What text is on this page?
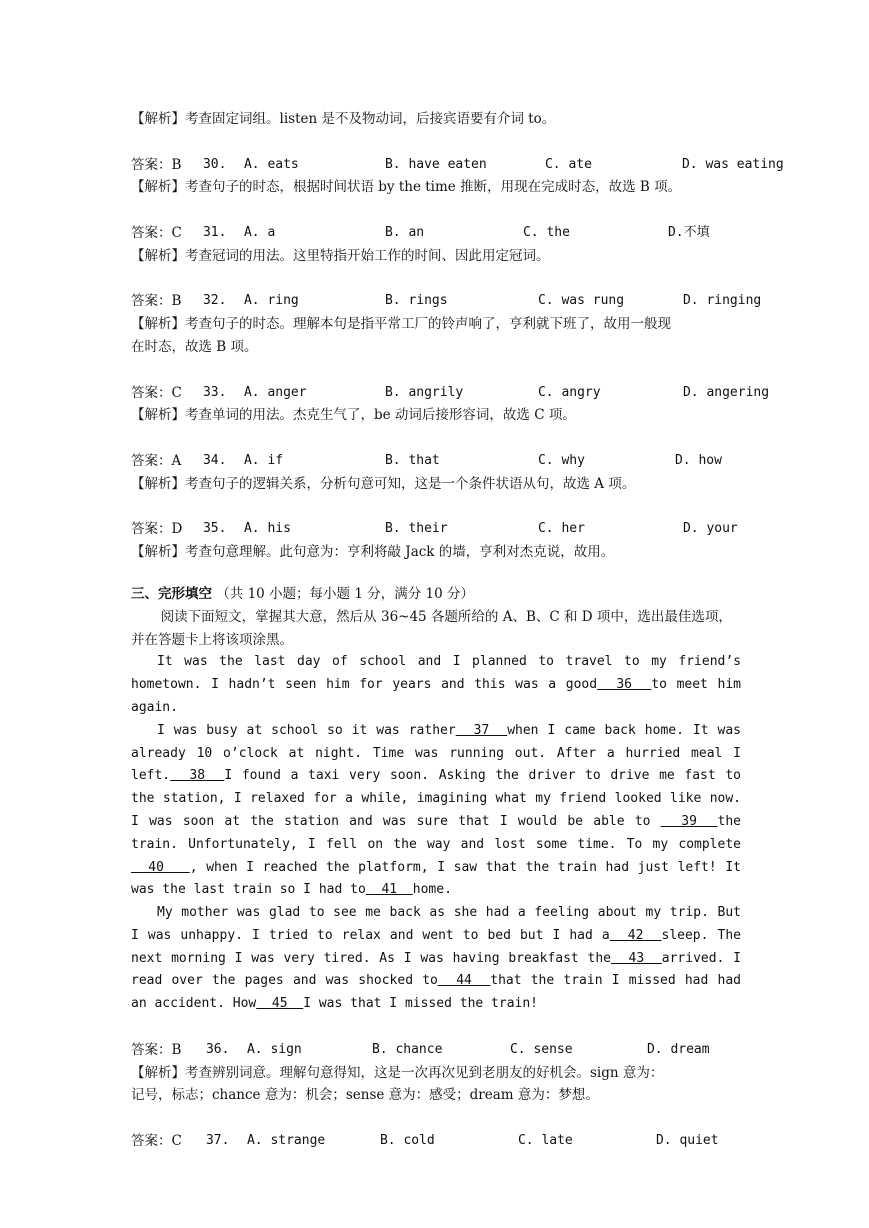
【解析】考查固定词组。listen 是不及物动词，后接宾语要有介词 to。

30. A. eats	B. have eaten	C. ate	D. was eating

答案：B
【解析】考查句子的时态，根据时间状语 by the time 推断，用现在完成时态，故选 B 项。

31. A. a	B. an	C. the	D.不填

答案：C
【解析】考查冠词的用法。这里特指开始工作的时间、因此用定冠词。

32. A. ring	B. rings	C. was rung	D. ringing

答案：B
【解析】考查句子的时态。理解本句是指平常工厂的铃声响了，亨利就下班了，故用一般现
在时态，故选 B 项。

33. A. anger	B. angrily	C. angry	D. angering

答案：C
【解析】考查单词的用法。杰克生气了，be 动词后接形容词，故选 C 项。

34. A. if	B. that	C. why	D. how

答案：A
【解析】考查句子的逻辑关系，分析句意可知，这是一个条件状语从句，故选 A 项。

35. A. his	B. their	C. her	D. your

答案：D
【解析】考查句意理解。此句意为：亨利将敲 Jack 的墙，亨利对杰克说，故用。
三、完形填空 （共 10 小题；每小题 1 分，满分 10 分）

阅读下面短文，掌握其大意，然后从 36~45 各题所给的 A、B、C 和 D 项中，选出最佳选项，并在答题卡上将该项涂黑。

It was the last day of school and I planned to travel to my friend’s hometown. I hadn’t seen him for years and this was a good  36  to meet him again.

I was busy at school so it was rather  37  when I came back home. It was already 10 o’clock at night. Time was running out. After a hurried meal I left.  38  I found a taxi very soon. Asking the driver to drive me fast to the station, I relaxed for a while, imagining what my friend looked like now. I was soon at the station and was sure that I would be able to   39  the train. Unfortunately, I fell on the way and lost some time. To my complete  40   , when I reached the platform, I saw that the train had just left! It was the last train so I had to  41  home.

My mother was glad to see me back as she had a feeling about my trip. But I was unhappy. I tried to relax and went to bed but I had a  42  sleep. The next morning I was very tired. As I was having breakfast the  43  arrived. I read over the pages and was shocked to  44  that the train I missed had had an accident. How  45  I was that I missed the train!

36. A. sign	B. chance	C. sense	D. dream

答案：B
【解析】考查辨别词意。理解句意得知，这是一次再次见到老朋友的好机会。sign 意为：
记号，标志；chance 意为：机会；sense 意为：感受；dream 意为：梦想。

37. A. strange	B. cold	C. late	D. quiet

答案：C
